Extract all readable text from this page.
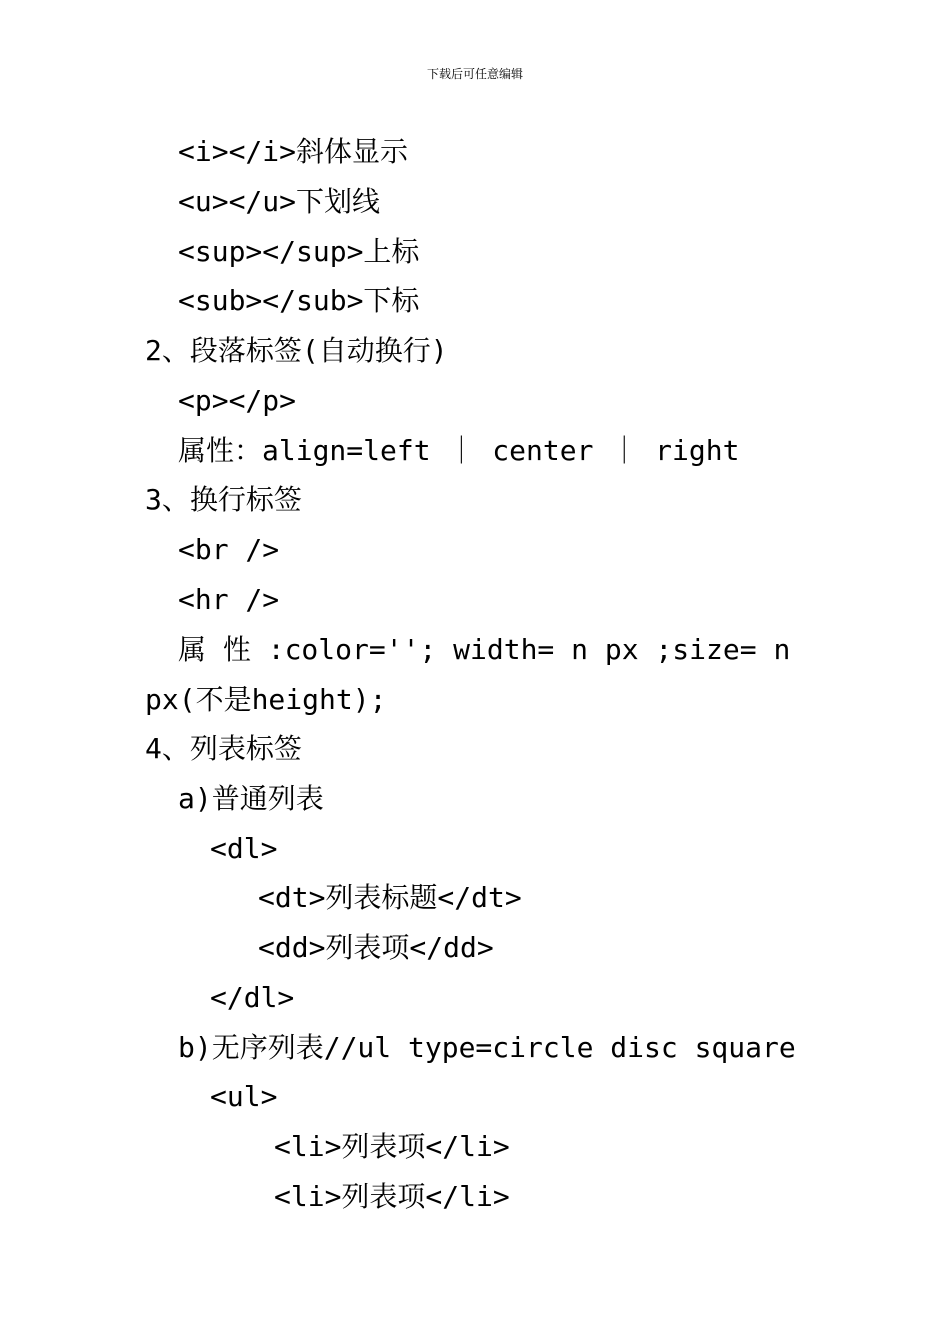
下载后可任意编辑
<i></i>斜体显示
<u></u>下划线
<sup></sup>上标
<sub></sub>下标
2、段落标签(自动换行)
<p></p>
属性：align=left ｜ center ｜ right
3、换行标签
<br />
<hr />
属 性 :color=''; width= n px ;size= n
px(不是height);
4、列表标签
a)普通列表
<dl>
<dt>列表标题</dt>
<dd>列表项</dd>
</dl>
b)无序列表//ul type=circle disc square
<ul>
<li>列表项</li>
<li>列表项</li>
